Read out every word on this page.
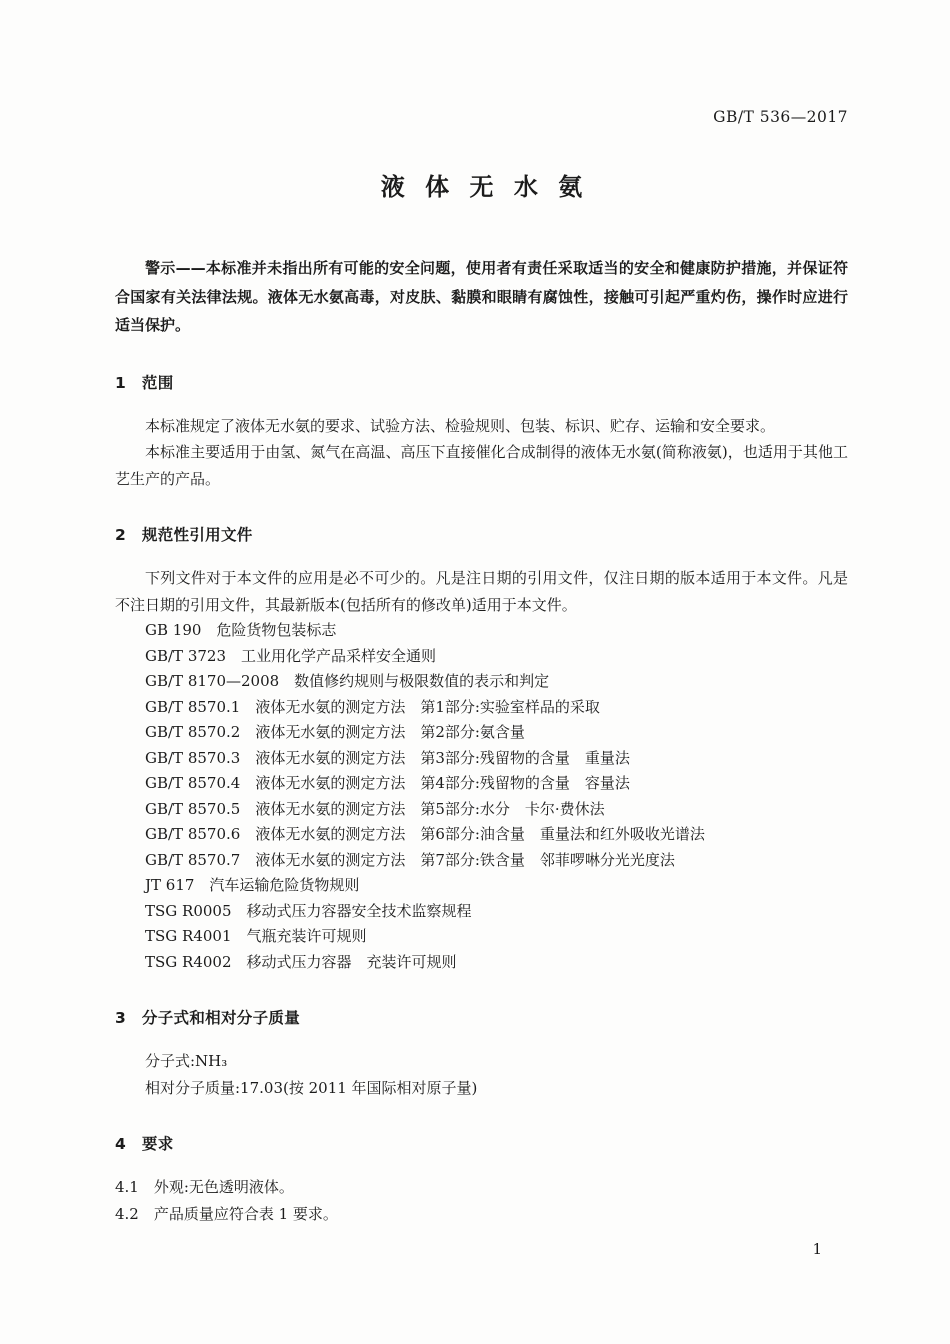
GB/T 536—2017
液体无水氨

警示——本标准并未指出所有可能的安全问题，使用者有责任采取适当的安全和健康防护措施，并保证符合国家有关法律法规。液体无水氨高毒，对皮肤、黏膜和眼睛有腐蚀性，接触可引起严重灼伤，操作时应进行适当保护。

1　范围

本标准规定了液体无水氨的要求、试验方法、检验规则、包装、标识、贮存、运输和安全要求。

本标准主要适用于由氢、氮气在高温、高压下直接催化合成制得的液体无水氨(简称液氨)，也适用于其他工艺生产的产品。

2　规范性引用文件

下列文件对于本文件的应用是必不可少的。凡是注日期的引用文件，仅注日期的版本适用于本文件。凡是不注日期的引用文件，其最新版本(包括所有的修改单)适用于本文件。

GB 190　危险货物包装标志

GB/T 3723　工业用化学产品采样安全通则

GB/T 8170—2008　数值修约规则与极限数值的表示和判定

GB/T 8570.1　液体无水氨的测定方法　第1部分:实验室样品的采取

GB/T 8570.2　液体无水氨的测定方法　第2部分:氨含量

GB/T 8570.3　液体无水氨的测定方法　第3部分:残留物的含量　重量法

GB/T 8570.4　液体无水氨的测定方法　第4部分:残留物的含量　容量法

GB/T 8570.5　液体无水氨的测定方法　第5部分:水分　卡尔·费休法

GB/T 8570.6　液体无水氨的测定方法　第6部分:油含量　重量法和红外吸收光谱法

GB/T 8570.7　液体无水氨的测定方法　第7部分:铁含量　邻菲啰啉分光光度法

JT 617　汽车运输危险货物规则

TSG R0005　移动式压力容器安全技术监察规程

TSG R4001　气瓶充装许可规则

TSG R4002　移动式压力容器　充装许可规则

3　分子式和相对分子质量

分子式:NH₃

相对分子质量:17.03(按 2011 年国际相对原子量)

4　要求

4.1　外观:无色透明液体。

4.2　产品质量应符合表 1 要求。

1
